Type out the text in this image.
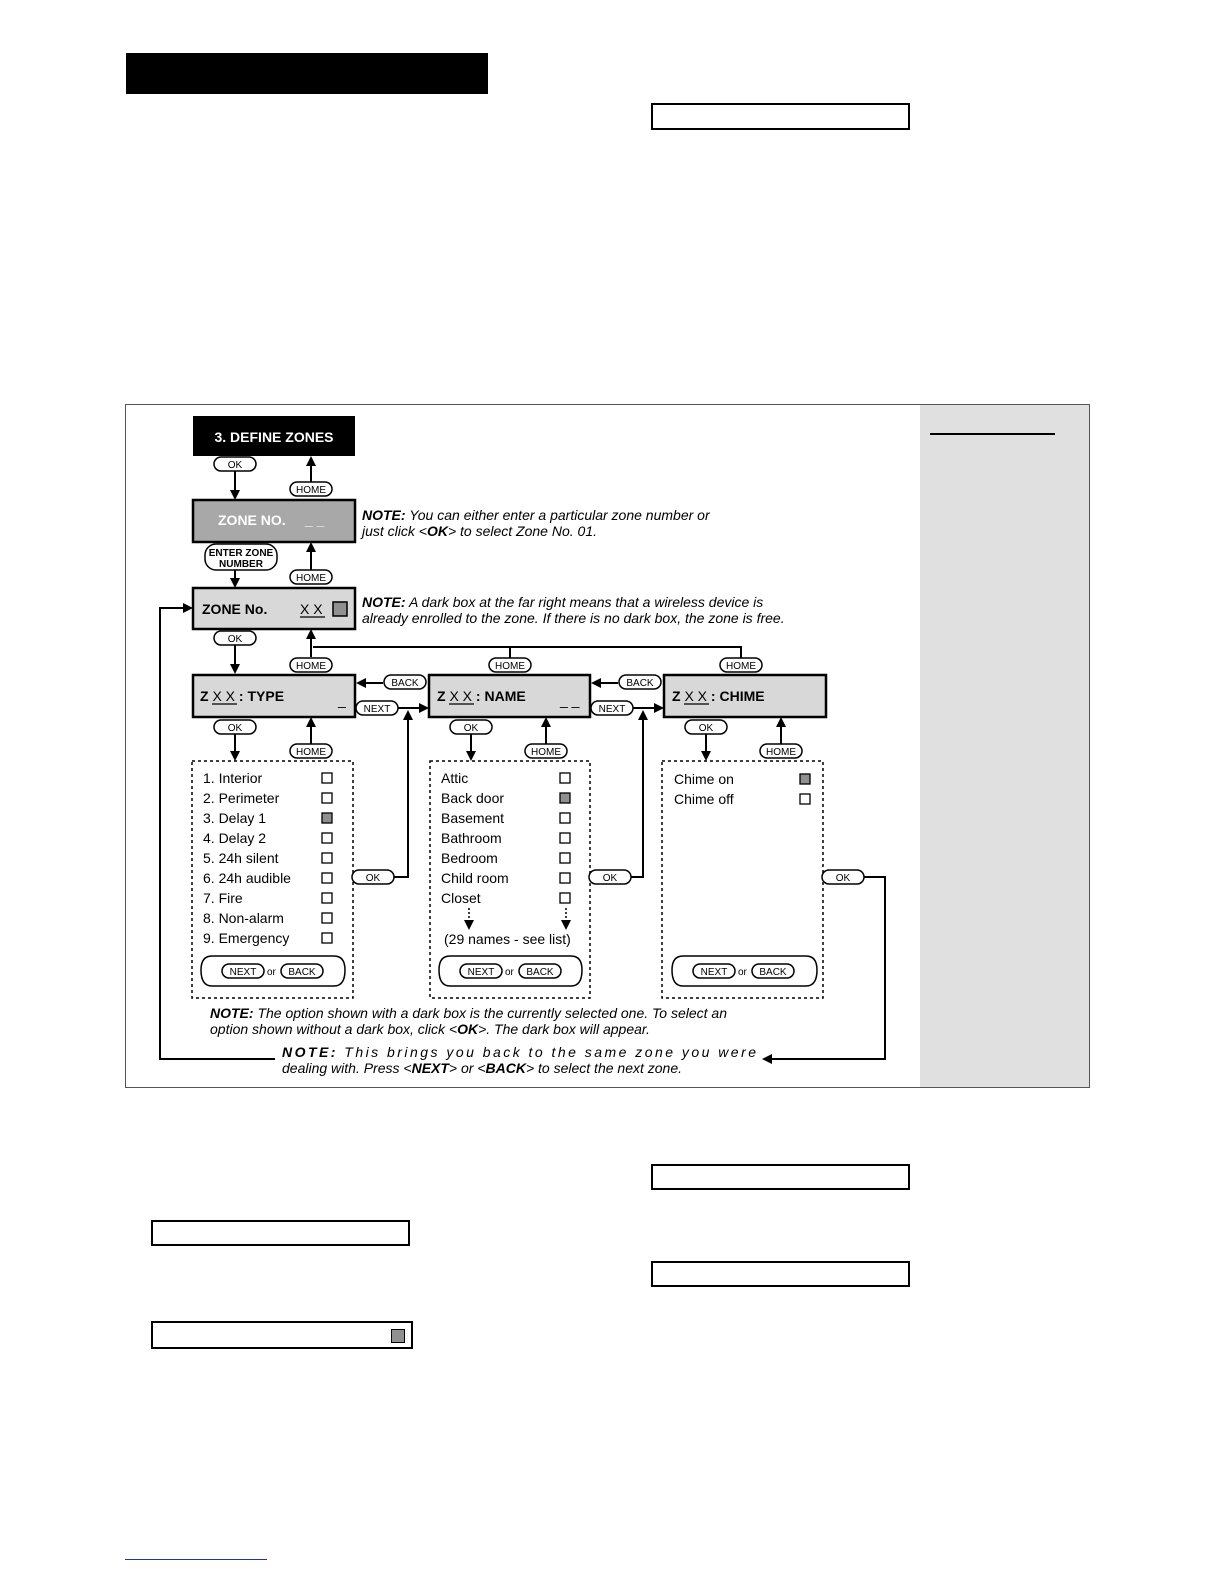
3. DEFINE ZONES
OK
HOME
ZONE NO. _ _	NOTE: You can either enter a particular zone number or
just click <OK> to select Zone No. 01.
ENTER ZONE
NUMBER
HOME
ZONE No. X X	NOTE: A dark box at the far right means that a wireless device is
already enrolled to the zone. If there is no dark box, the zone is free.
OK
HOME	HOME	HOME
Z X X : TYPE	_	Z X X : NAME _ _	Z X X : CHIME
BACK
NEXT
BACK
NEXT
OK
HOME
OK
HOME
OK
HOME
1. Interior
2. Perimeter
3. Delay 1
4. Delay 2
5. 24h silent
6. 24h audible
7. Fire
8. Non-alarm
9. Emergency
Attic
Back door
Basement
Bathroom
Bedroom
Child room
Closet
Chime on
Chime off
(29 names - see list)
NEXT or BACK	NEXT or BACK	NEXT or BACK
OK	OK	OK
NOTE: The option shown with a dark box is the currently selected one. To select an
option shown without a dark box, click <OK>. The dark box will appear.
NOTE: This brings you back to the same zone you were
dealing with. Press <NEXT> or <BACK> to select the next zone.
